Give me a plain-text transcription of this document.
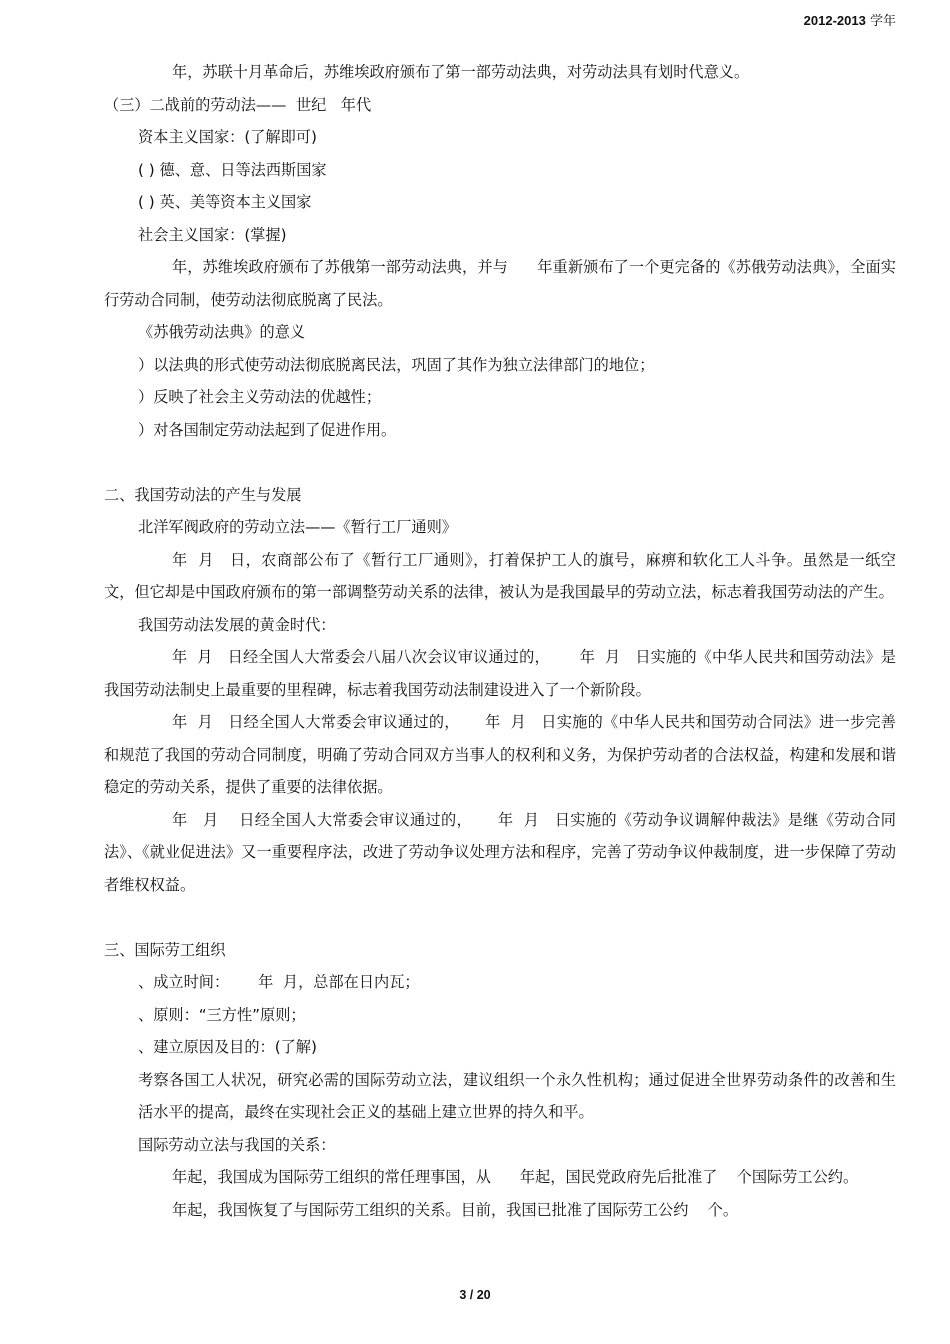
2012-2013 学年

年，苏联十月革命后，苏维埃政府颁布了第一部劳动法典，对劳动法具有划时代意义。

（三）二战前的劳动法——  世纪   年代

资本主义国家：(了解即可)

( ) 德、意、日等法西斯国家

( ) 英、美等资本主义国家

社会主义国家：(掌握)

年，苏维埃政府颁布了苏俄第一部劳动法典，并与      年重新颁布了一个更完备的《苏俄劳动法典》，全面实行劳动合同制，使劳动法彻底脱离了民法。

《苏俄劳动法典》的意义

）以法典的形式使劳动法彻底脱离民法，巩固了其作为独立法律部门的地位；

）反映了社会主义劳动法的优越性；

）对各国制定劳动法起到了促进作用。

二、我国劳动法的产生与发展

北洋军阀政府的劳动立法——《暂行工厂通则》

年  月   日，农商部公布了《暂行工厂通则》，打着保护工人的旗号，麻痹和软化工人斗争。虽然是一纸空文，但它却是中国政府颁布的第一部调整劳动关系的法律，被认为是我国最早的劳动立法，标志着我国劳动法的产生。

我国劳动法发展的黄金时代：

年  月   日经全国人大常委会八届八次会议审议通过的，      年  月   日实施的《中华人民共和国劳动法》是我国劳动法制史上最重要的里程碑，标志着我国劳动法制建设进入了一个新阶段。

年  月   日经全国人大常委会审议通过的，     年  月   日实施的《中华人民共和国劳动合同法》进一步完善和规范了我国的劳动合同制度，明确了劳动合同双方当事人的权利和义务，为保护劳动者的合法权益，构建和发展和谐稳定的劳动关系，提供了重要的法律依据。

年   月    日经全国人大常委会审议通过的，     年  月   日实施的《劳动争议调解仲裁法》是继《劳动合同法》、《就业促进法》又一重要程序法，改进了劳动争议处理方法和程序，完善了劳动争议仲裁制度，进一步保障了劳动者维权权益。

三、国际劳工组织

、成立时间：      年  月，总部在日内瓦；

、原则：“三方性”原则；

、建立原因及目的：(了解)

考察各国工人状况，研究必需的国际劳动立法，建议组织一个永久性机构；通过促进全世界劳动条件的改善和生活水平的提高，最终在实现社会正义的基础上建立世界的持久和平。

国际劳动立法与我国的关系：

年起，我国成为国际劳工组织的常任理事国，从      年起，国民党政府先后批准了    个国际劳工公约。

年起，我国恢复了与国际劳工组织的关系。目前，我国已批准了国际劳工公约    个。

3 / 20
